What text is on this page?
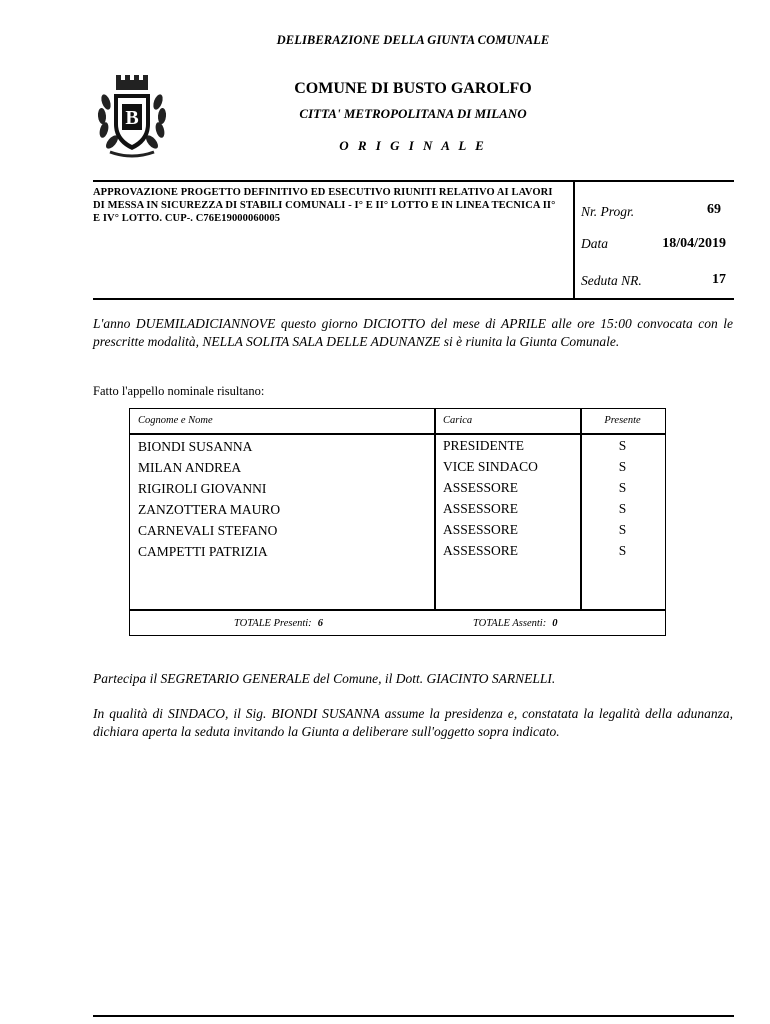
DELIBERAZIONE DELLA GIUNTA COMUNALE
B
COMUNE DI BUSTO GAROLFO
CITTA' METROPOLITANA DI MILANO
O R I G I N A L E
APPROVAZIONE PROGETTO DEFINITIVO ED ESECUTIVO RIUNITI RELATIVO AI LAVORI DI MESSA IN SICUREZZA DI STABILI COMUNALI - I° E II° LOTTO E IN LINEA TECNICA II° E IV° LOTTO. CUP-. C76E19000060005	Nr. Progr.	69
Data	18/04/2019
Seduta NR.	17
L'anno DUEMILADICIANNOVE questo giorno DICIOTTO del mese di APRILE alle ore 15:00 convocata con le prescritte modalità, NELLA SOLITA SALA DELLE ADUNANZE si è riunita la Giunta Comunale.
Fatto l'appello nominale risultano:
Cognome e Nome	Carica	Presente
BIONDI SUSANNA	PRESIDENTE	S
MILAN ANDREA	VICE SINDACO	S
RIGIROLI GIOVANNI	ASSESSORE	S
ZANZOTTERA MAURO	ASSESSORE	S
CARNEVALI STEFANO	ASSESSORE	S
CAMPETTI PATRIZIA	ASSESSORE	S
TOTALE Presenti: 6	TOTALE Assenti: 0
Partecipa il SEGRETARIO GENERALE del Comune, il Dott. GIACINTO SARNELLI.
In qualità di SINDACO, il Sig. BIONDI SUSANNA assume la presidenza e, constatata la legalità della adunanza, dichiara aperta la seduta invitando la Giunta a deliberare sull'oggetto sopra indicato.
